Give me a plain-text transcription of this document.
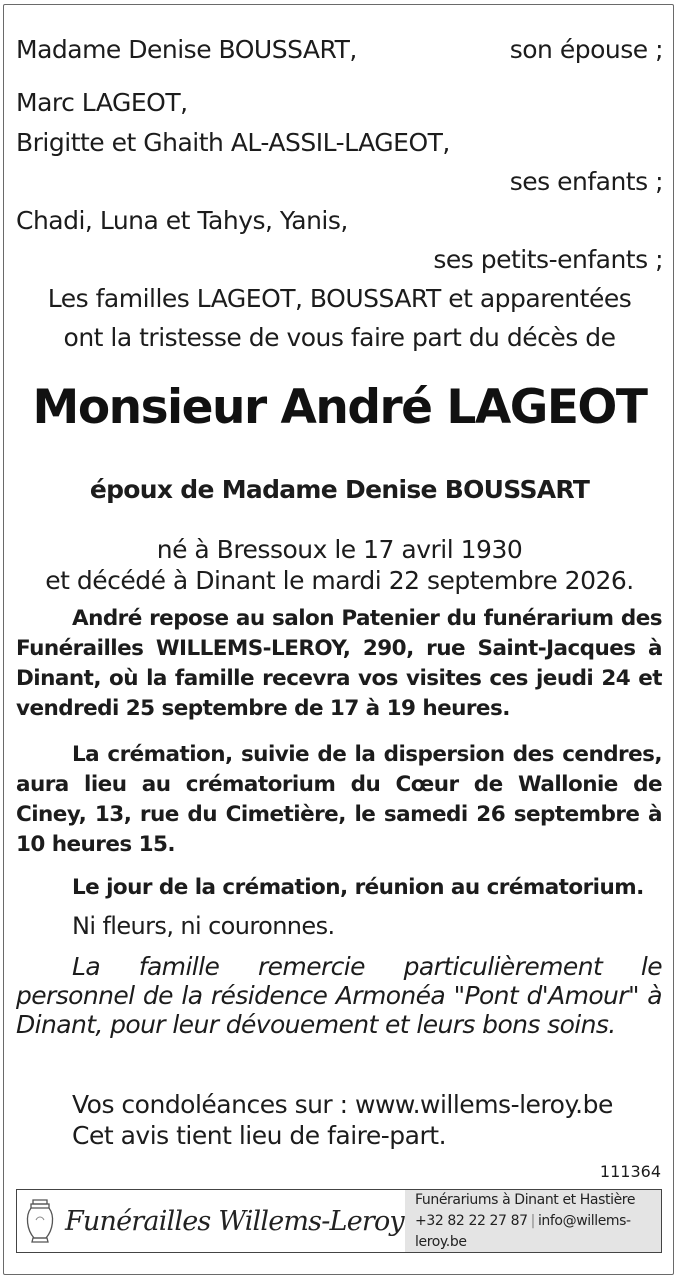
Madame Denise BOUSSART,	son épouse ;

Marc LAGEOT,

Brigitte et Ghaith AL-ASSIL-LAGEOT,

ses enfants ;

Chadi, Luna et Tahys, Yanis,

ses petits-enfants ;

Les familles LAGEOT, BOUSSART et apparentées

ont la tristesse de vous faire part du décès de

Monsieur André LAGEOT

époux de Madame Denise BOUSSART

né à Bressoux le 17 avril 1930

et décédé à Dinant le mardi 22 septembre 2026.

André repose au salon Patenier du funérarium des Funérailles WILLEMS-LEROY, 290, rue Saint-Jacques à Dinant, où la famille recevra vos visites ces jeudi 24 et vendredi 25 septembre de 17 à 19 heures.

La crémation, suivie de la dispersion des cendres, aura lieu au crématorium du Cœur de Wallonie de Ciney, 13, rue du Cimetière, le samedi 26 septembre à 10 heures 15.

Le jour de la crémation, réunion au crématorium.

Ni fleurs, ni couronnes.

La famille remercie particulièrement le personnel de la résidence Armonéa "Pont d'Amour" à Dinant, pour leur dévouement et leurs bons soins.

Vos condoléances sur : www.willems-leroy.be

Cet avis tient lieu de faire-part.

111364

Funérailles Willems-Leroy
Funérariums à Dinant et Hastière
+32 82 22 27 87 | info@willems-leroy.be
